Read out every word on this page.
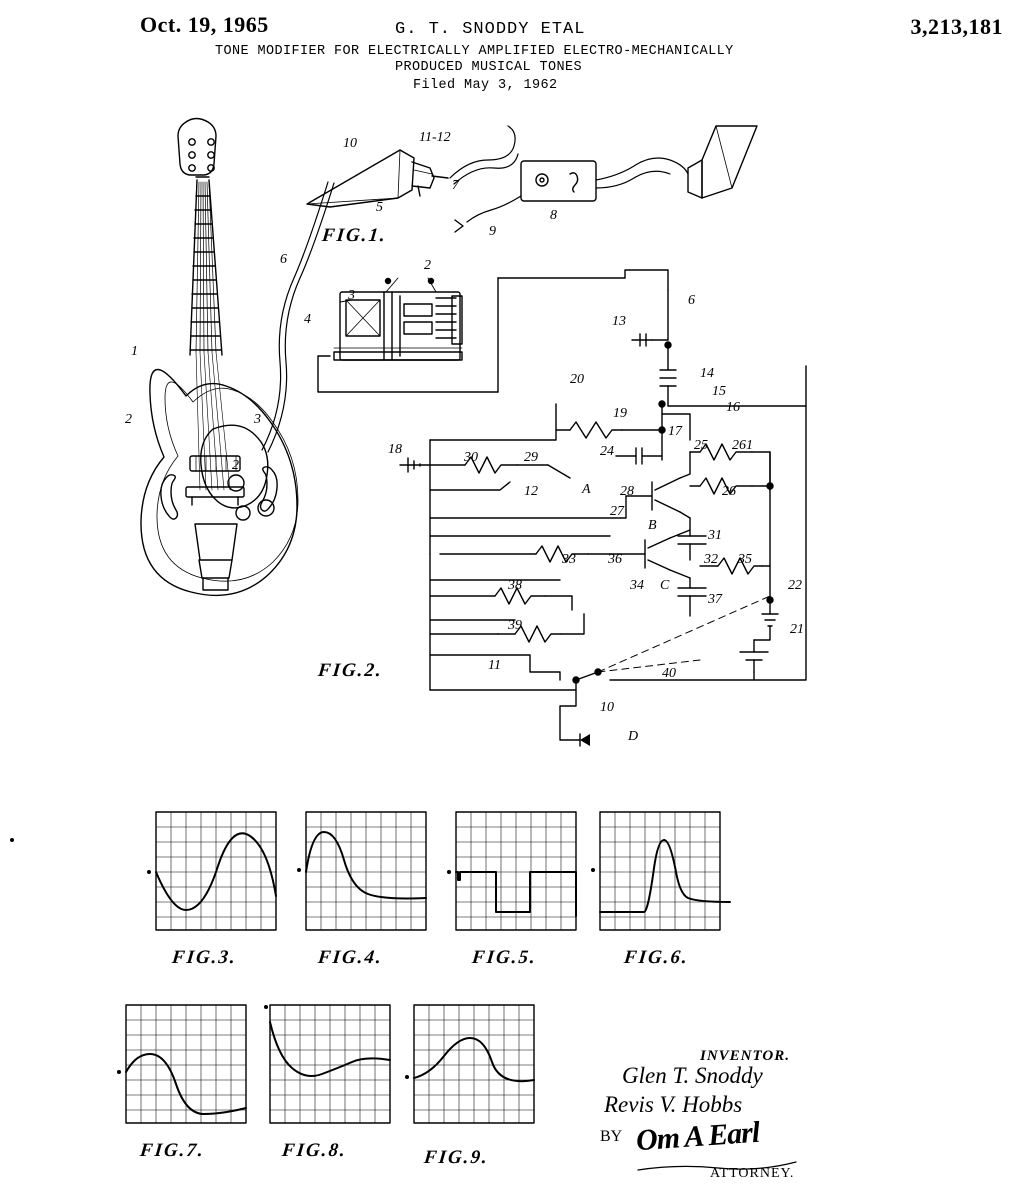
Oct. 19, 1965	G. T. SNODDY ETAL	3,213,181
TONE MODIFIER FOR ELECTRICALLY AMPLIFIED ELECTRO-MECHANICALLY
PRODUCED MUSICAL TONES
Filed May 3, 1962
FIG.1.
FIG.2.
FIG.3.	FIG.4.	FIG.5.	FIG.6.
FIG.7.	FIG.8.	FIG.9.
10	11-12
7
5
8
9
6
1
2	3
2
2
3
4
6
13
14
15
16
17
20
19
24	25 261
26
18
30	29
12	A 28
27
B
31
32 35
33 36
34 C
37
38
39
11
40
22
21
10
D
INVENTOR.
Glen T. Snoddy
Revis V. Hobbs
BY Om A Earl
ATTORNEY.
